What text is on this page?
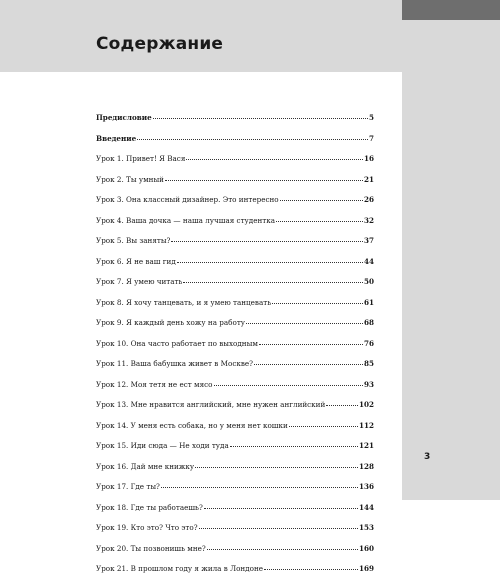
Содержание
Предисловие	5
Введение	7
Урок 1. Привет! Я Вася	16
Урок 2. Ты умный	21
Урок 3. Она классный дизайнер. Это интересно	26
Урок 4. Ваша дочка — наша лучшая студентка	32
Урок 5. Вы заняты?	37
Урок 6. Я не ваш гид	44
Урок 7. Я умею читать	50
Урок 8. Я хочу танцевать, и я умею танцевать	61
Урок 9. Я каждый день хожу на работу	68
Урок 10. Она часто работает по выходным	76
Урок 11. Ваша бабушка живет в Москве?	85
Урок 12. Моя тетя не ест мясо	93
Урок 13. Мне нравится английский, мне нужен английский	102
Урок 14. У меня есть собака, но у меня нет кошки	112
Урок 15. Иди сюда — Не ходи туда	121
Урок 16. Дай мне книжку	128
Урок 17. Где ты?	136
Урок 18. Где ты работаешь?	144
Урок 19. Кто это? Что это?	153
Урок 20. Ты позвонишь мне?	160
Урок 21. В прошлом году я жила в Лондоне	169
3
